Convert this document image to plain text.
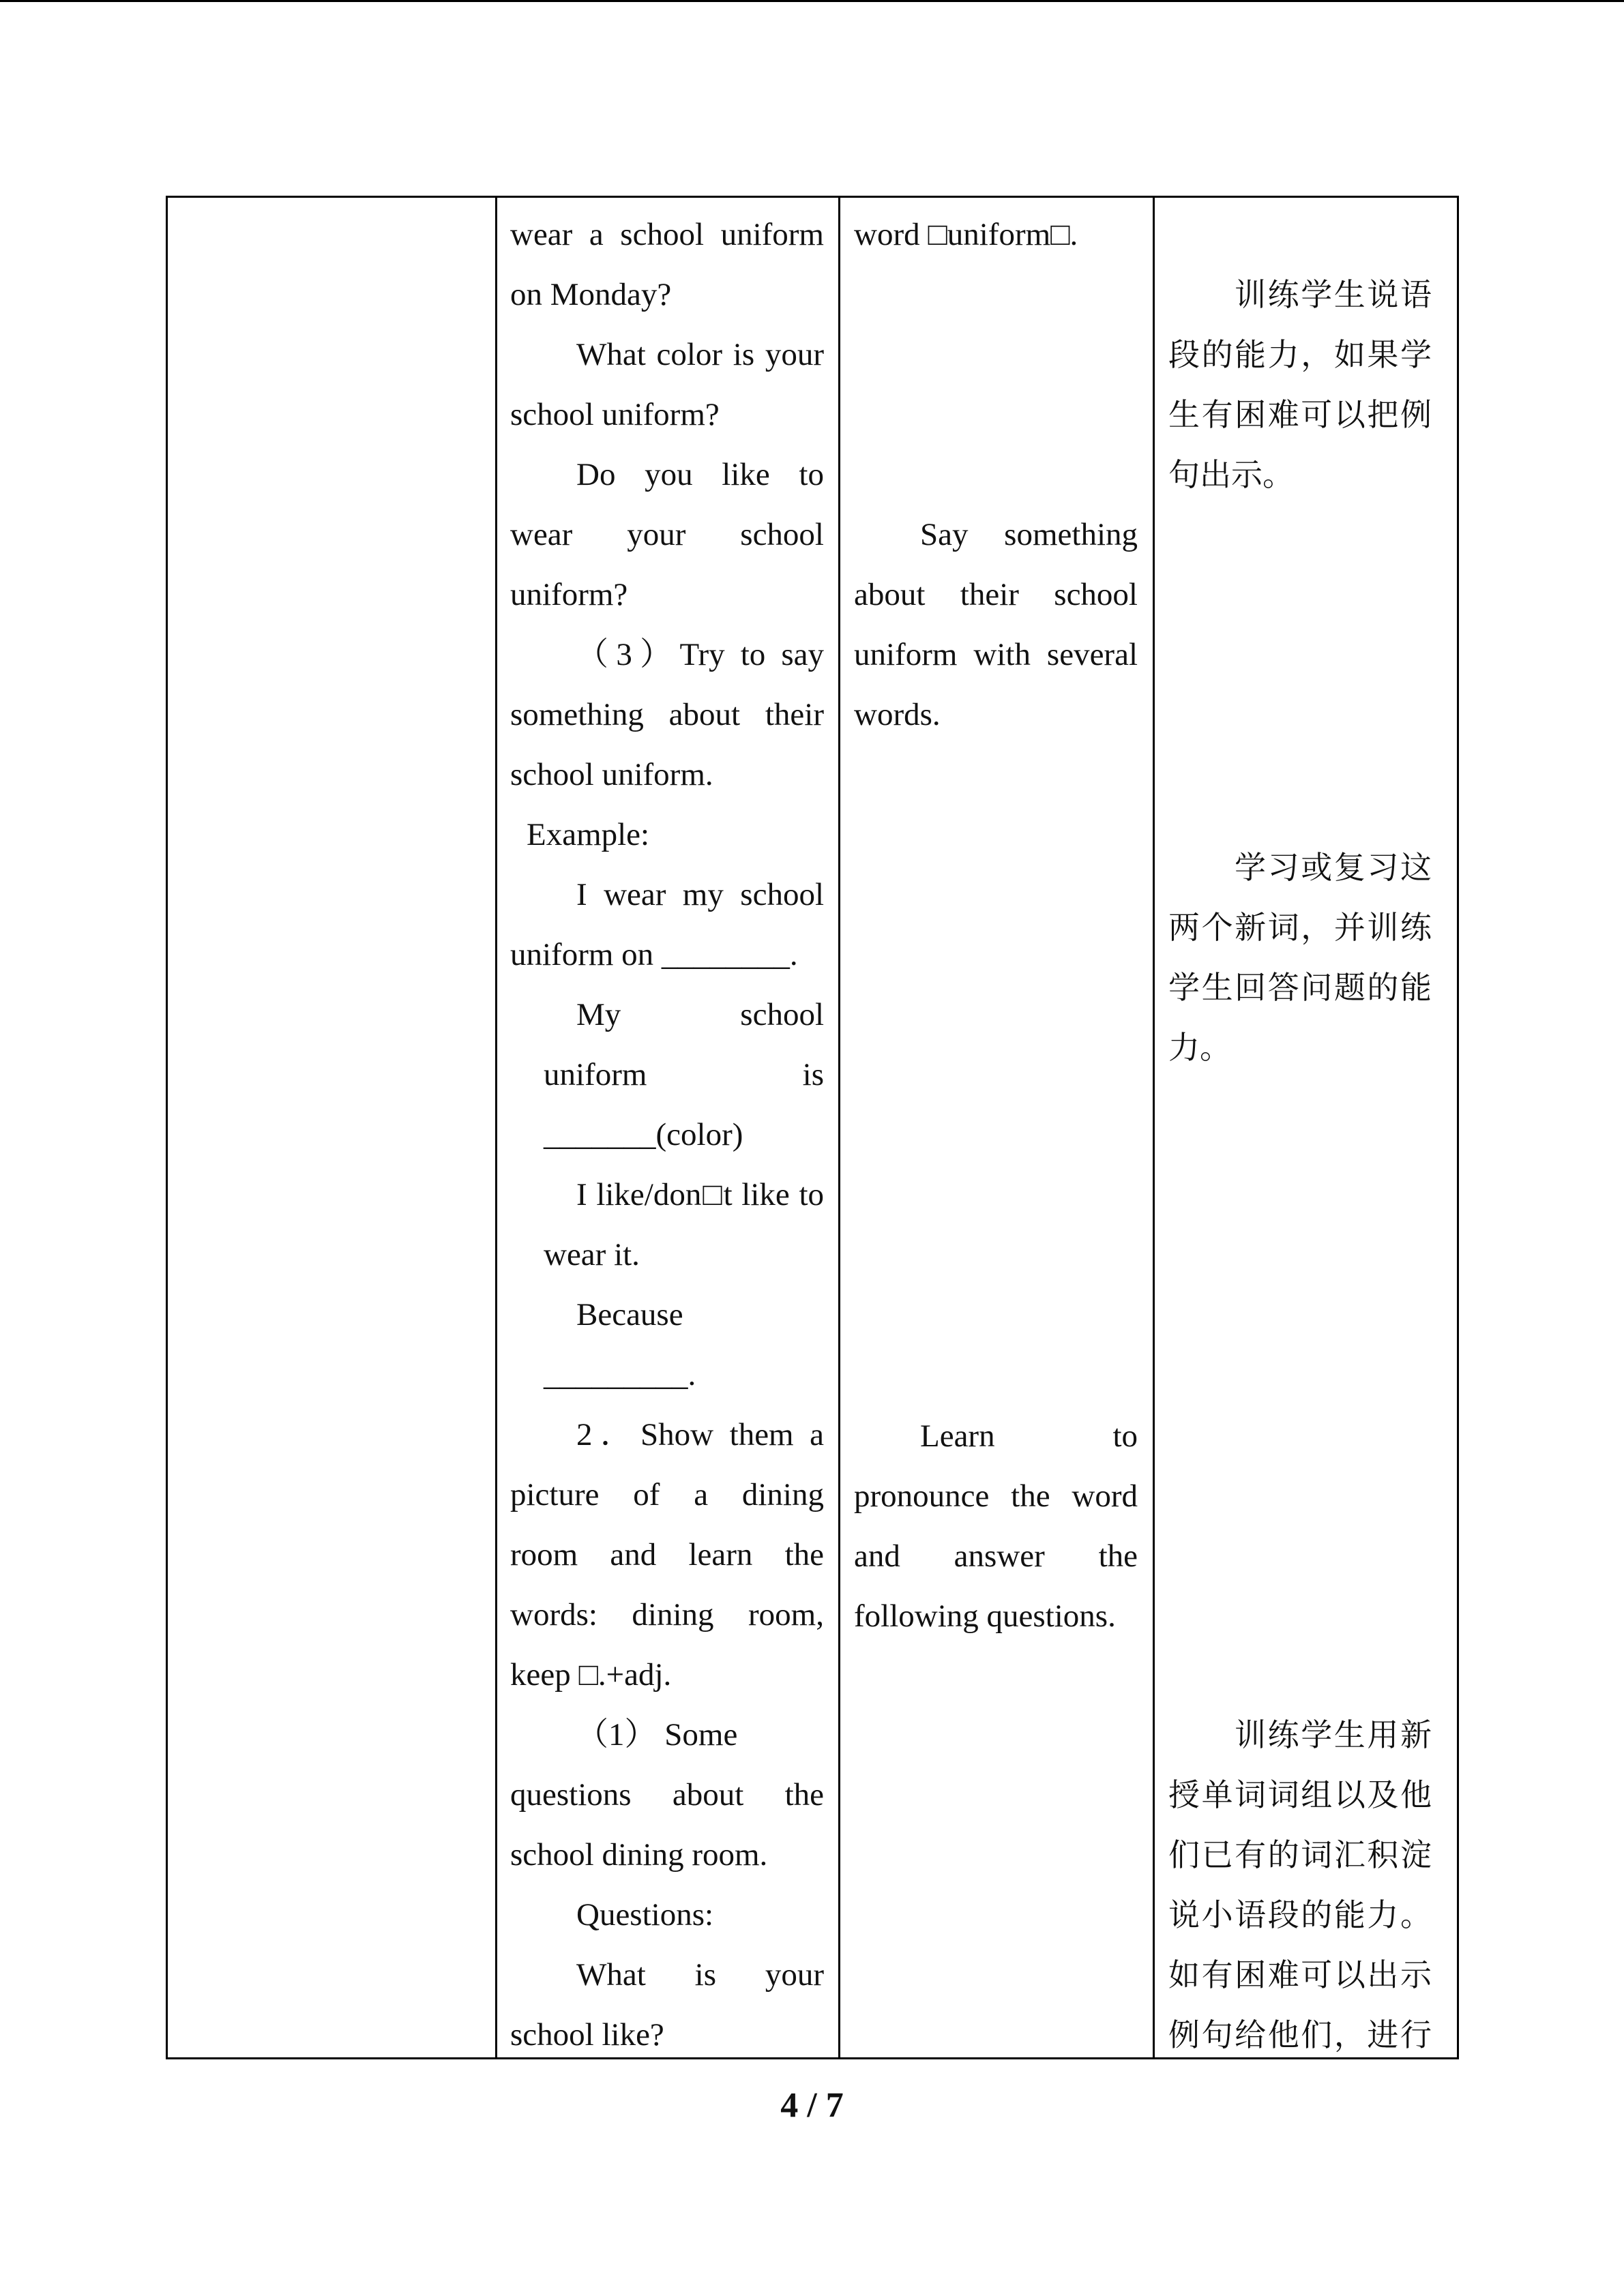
wear a school uniform
on Monday?
What color is your
school uniform?
Do you like to
wear your school
uniform?
（3）Try to say
something about their
school uniform.
Example:
I wear my school
uniform on ________.
My school
uniform is
_______(color)
I like/don□t like to
wear it.
Because
_________.
2．Show them a
picture of a dining
room and learn the
words: dining room,
keep □.+adj.
（1） Some
questions about the
school dining room.
Questions:
What is your
school like?
word □uniform□.
Say something
about their school
uniform with several
words.
Learn to
pronounce the word
and answer the
following questions.
训练学生说语
段的能力，如果学
生有困难可以把例
句出示。
学习或复习这
两个新词，并训练
学生回答问题的能
力。
训练学生用新
授单词词组以及他
们已有的词汇积淀
说小语段的能力。
如有困难可以出示
例句给他们，进行
4 / 7
